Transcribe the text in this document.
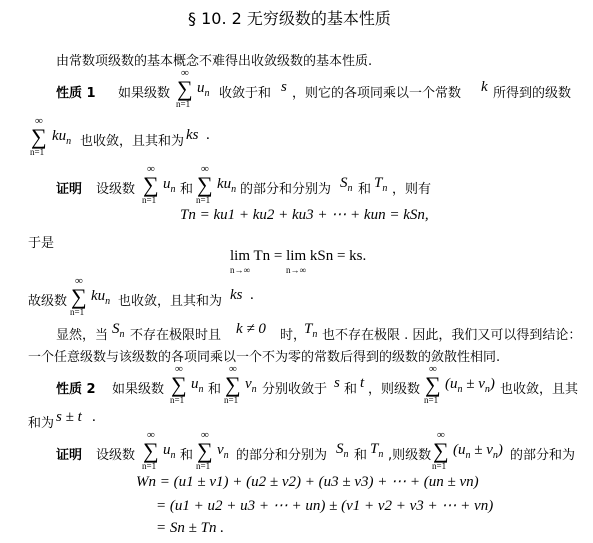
§ 10. 2 无穷级数的基本性质
由常数项级数的基本概念不难得出收敛级数的基本性质.
性质 1 如果级数
∞
∑
n=1
$u_n$ 收敛于和 s ，则它的各项同乘以一个常数 k 所得到的级数
∞
∑
n=1
$ku_n$ 也收敛，且其和为 ks .
证明 设级数
∞
∑
n=1
$u_n$ 和
∞
∑
n=1
$ku_n$ 的部分和分别为 $S_n$ 和 $T_n$ ，则有
Tn = ku1 + ku2 + ku3 + ⋯ + kun = kSn,
于是
lim Tn = lim kSn = ks.
n→∞	n→∞
故级数
∞
∑
n=1
$ku_n$ 也收敛，且其和为 ks .
显然，当 $S_n$ 不存在极限时且 k ≠ 0 时，
$T_n$ 也不存在极限 . 因此，我们又可以得到结论：
一个任意级数与该级数的各项同乘以一个不为零的常数后得到的级数的敛散性相同.
性质 2 如果级数
∞
∑
n=1
$u_n$ 和
∞
∑
n=1
$v_n$ 分别收敛于 s 和 t ，则级数
∞
∑
n=1
$(u_n \pm v_n)$ 也收敛，且其
和为 s ± t .
证明 设级数
∞
∑
n=1
$u_n$ 和
∞
∑
n=1
$v_n$ 的部分和分别为 $S_n$ 和 $T_n$ ,则级数
∞
∑
n=1
$(u_n \pm v_n)$ 的部分和为
Wn = (u1 ± v1) + (u2 ± v2) + (u3 ± v3) + ⋯ + (un ± vn)
= (u1 + u2 + u3 + ⋯ + un) ± (v1 + v2 + v3 + ⋯ + vn)
= Sn ± Tn .
